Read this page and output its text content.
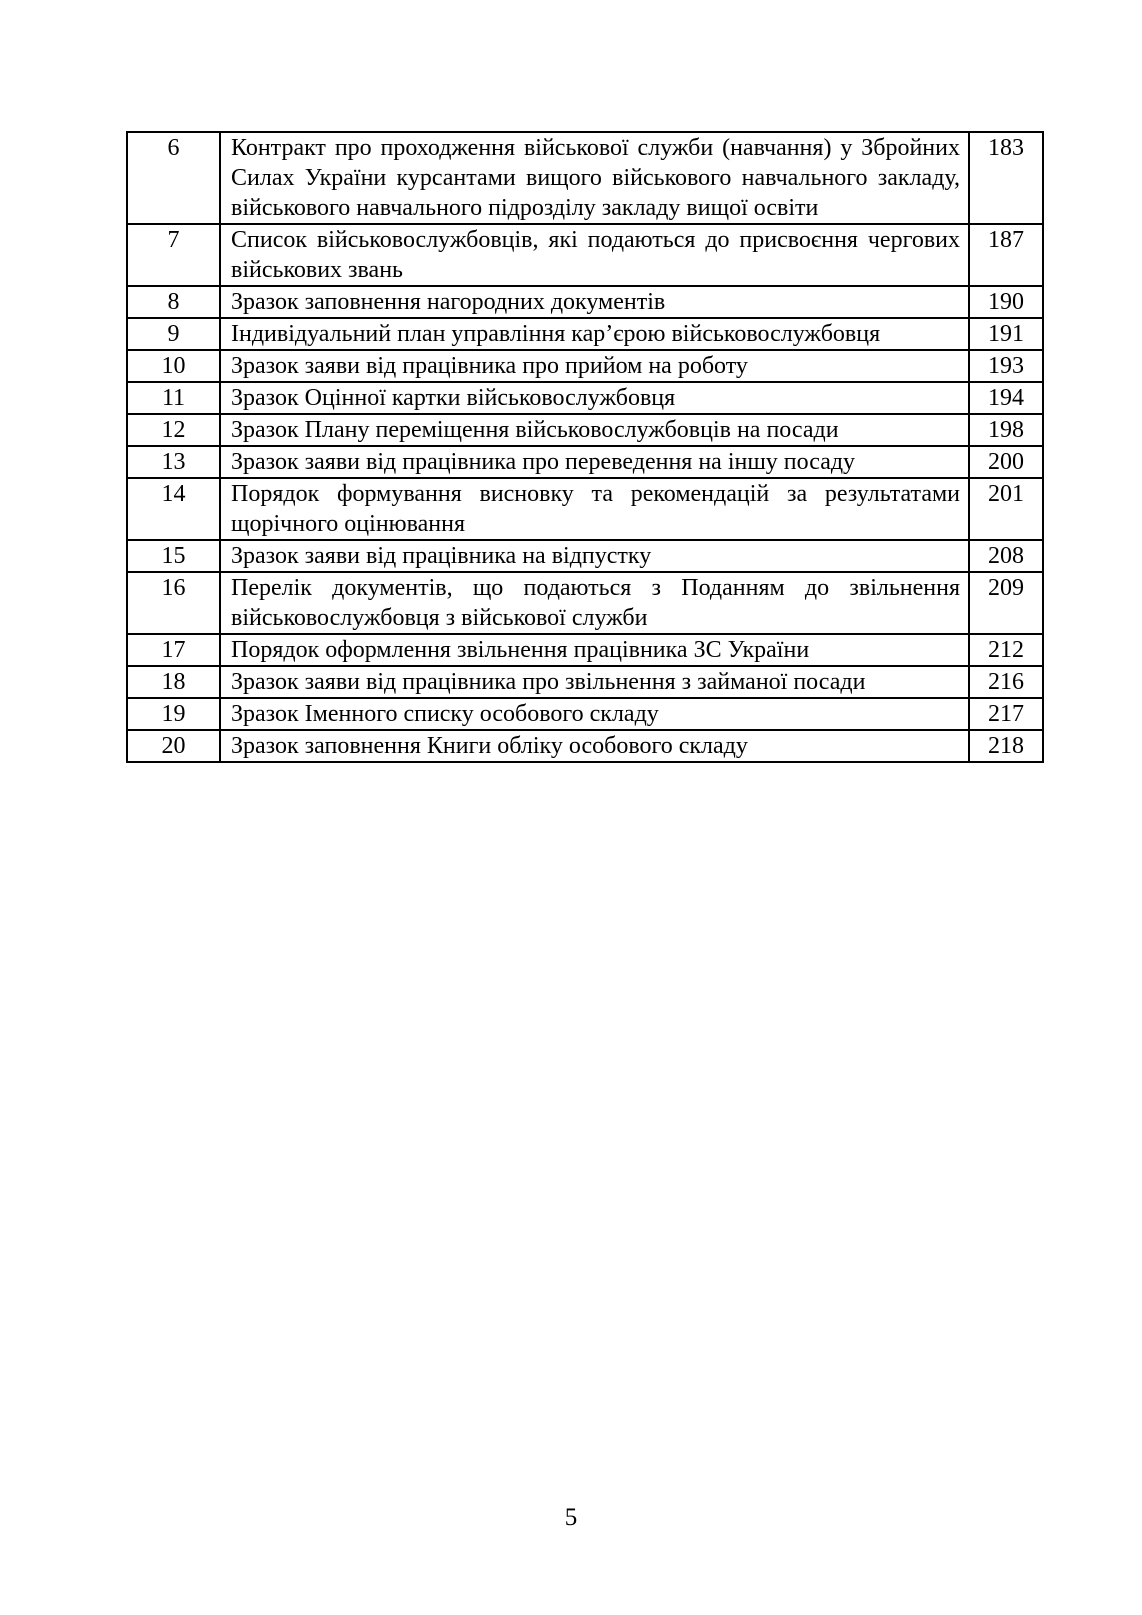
6	Контракт про проходження військової служби (навчання) у Збройних Силах України курсантами вищого військового навчального закладу, військового навчального підрозділу закладу вищої освіти	183
7	Список військовослужбовців, які подаються до присвоєння чергових військових звань	187
8	Зразок заповнення нагородних документів	190
9	Індивідуальний план управління кар’єрою військовослужбовця	191
10	Зразок заяви від працівника про прийом на роботу	193
11	Зразок Оціннoї картки військовослужбовця	194
12	Зразок Плану переміщення військовослужбовців на посади	198
13	Зразок заяви від працівника про переведення на іншу посаду	200
14	Порядок формування висновку та рекомендацій за результатами щорічного оцінювання	201
15	Зразок заяви від працівника на відпустку	208
16	Перелік документів, що подаються з Поданням до звільнення військовослужбовця з військової служби	209
17	Порядок оформлення звільнення працівника ЗС України	212
18	Зразок заяви від працівника про звільнення з займаної посади	216
19	Зразок Іменного списку особового складу	217
20	Зразок заповнення Книги обліку особового складу	218
5
